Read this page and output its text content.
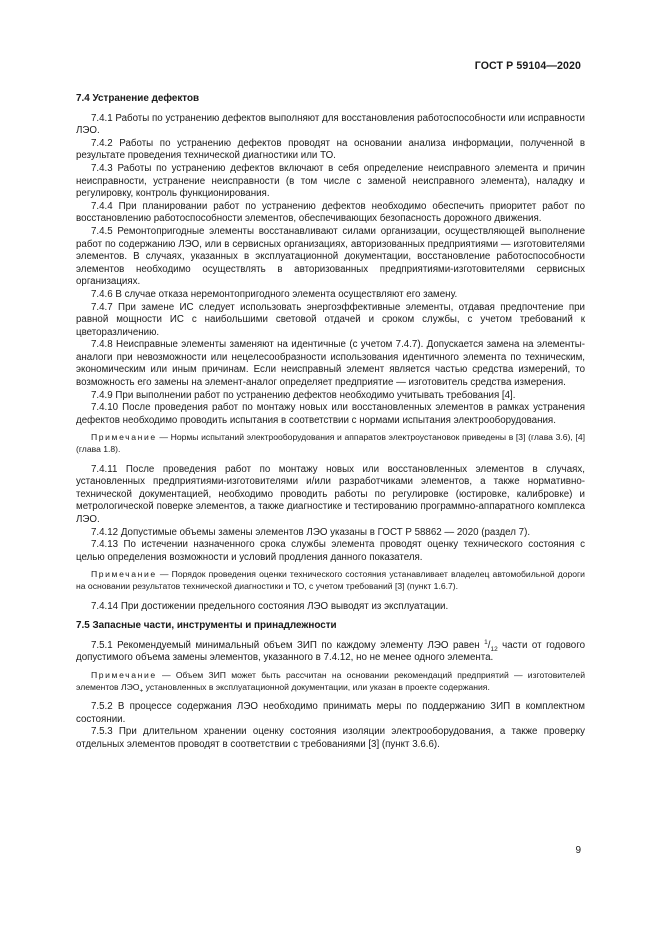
ГОСТ Р 59104—2020
7.4 Устранение дефектов

7.4.1 Работы по устранению дефектов выполняют для восстановления работоспособности или исправности ЛЭО.

7.4.2 Работы по устранению дефектов проводят на основании анализа информации, полученной в результате проведения технической диагностики или ТО.

7.4.3 Работы по устранению дефектов включают в себя определение неисправного элемента и причин неисправности, устранение неисправности (в том числе с заменой неисправного элемента), наладку и регулировку, контроль функционирования.

7.4.4 При планировании работ по устранению дефектов необходимо обеспечить приоритет работ по восстановлению работоспособности элементов, обеспечивающих безопасность дорожного движения.

7.4.5 Ремонтопригодные элементы восстанавливают силами организации, осуществляющей выполнение работ по содержанию ЛЭО, или в сервисных организациях, авторизованных предприятиями — изготовителями элементов. В случаях, указанных в эксплуатационной документации, восстановление работоспособности элементов необходимо осуществлять в авторизованных предприятиями-изготовителями сервисных организациях.

7.4.6 В случае отказа неремонтопригодного элемента осуществляют его замену.

7.4.7 При замене ИС следует использовать энергоэффективные элементы, отдавая предпочтение при равной мощности ИС с наибольшими световой отдачей и сроком службы, с учетом требований к цветоразличению.

7.4.8 Неисправные элементы заменяют на идентичные (с учетом 7.4.7). Допускается замена на элементы-аналоги при невозможности или нецелесообразности использования идентичного элемента по техническим, экономическим или иным причинам. Если неисправный элемент является частью средства измерений, то возможность его замены на элемент-аналог определяет предприятие — изготовитель средства измерения.

7.4.9 При выполнении работ по устранению дефектов необходимо учитывать требования [4].

7.4.10 После проведения работ по монтажу новых или восстановленных элементов в рамках устранения дефектов необходимо проводить испытания в соответствии с нормами испытания электрооборудования.

Примечание — Нормы испытаний электрооборудования и аппаратов электроустановок приведены в [3] (глава 3.6), [4] (глава 1.8).

7.4.11 После проведения работ по монтажу новых или восстановленных элементов в случаях, установленных предприятиями-изготовителями и/или разработчиками элементов, а также нормативно-технической документацией, необходимо проводить работы по регулировке (юстировке, калибровке) и метрологической поверке элементов, а также диагностике и тестированию программно-аппаратного комплекса ЛЭО.

7.4.12 Допустимые объемы замены элементов ЛЭО указаны в ГОСТ Р 58862 — 2020 (раздел 7).

7.4.13 По истечении назначенного срока службы элемента проводят оценку технического состояния с целью определения возможности и условий продления данного показателя.

Примечание — Порядок проведения оценки технического состояния устанавливает владелец автомобильной дороги на основании результатов технической диагностики и ТО, с учетом требований [3] (пункт 1.6.7).

7.4.14 При достижении предельного состояния ЛЭО выводят из эксплуатации.

7.5 Запасные части, инструменты и принадлежности

7.5.1 Рекомендуемый минимальный объем ЗИП по каждому элементу ЛЭО равен $^1/_{12}$ части от годового допустимого объема замены элементов, указанного в 7.4.12, но не менее одного элемента.

Примечание — Объем ЗИП может быть рассчитан на основании рекомендаций предприятий — изготовителей элементов $ЛЭО_+$ установленных в эксплуатационной документации, или указан в проекте содержания.

7.5.2 В процессе содержания ЛЭО необходимо принимать меры по поддержанию ЗИП в комплектном состоянии.

7.5.3 При длительном хранении оценку состояния изоляции электрооборудования, а также проверку отдельных элементов проводят в соответствии с требованиями [3] (пункт 3.6.6).

9
